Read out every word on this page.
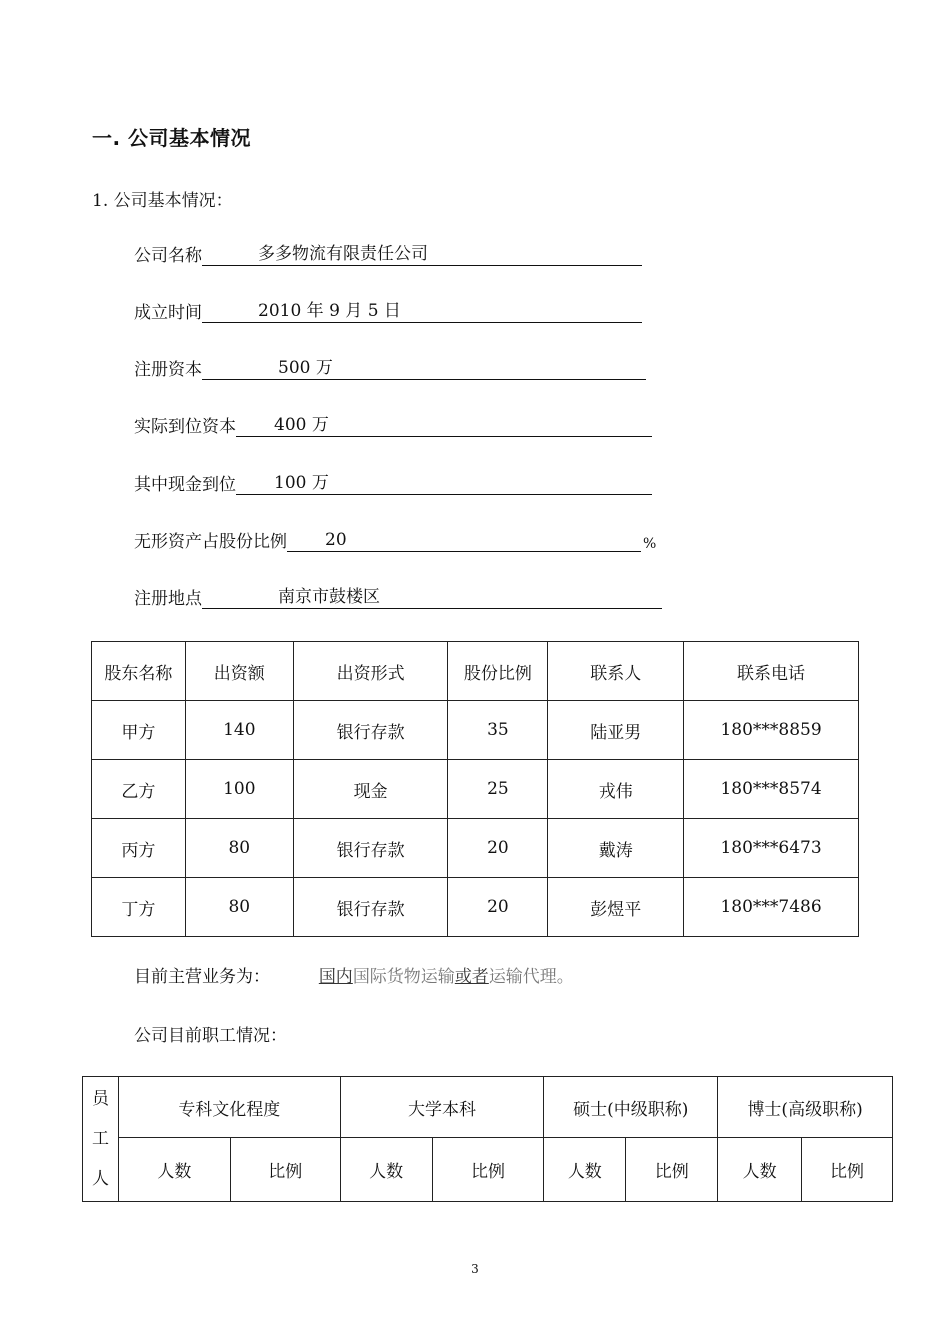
一. 公司基本情况
1. 公司基本情况：
公司名称	多多物流有限责任公司
成立时间	2010 年 9 月 5 日
注册资本	500 万
实际到位资本 400 万
其中现金到位 100 万
无形资产占股份比例 20	%
注册地点	南京市鼓楼区
股东名称	出资额	出资形式	股份比例	联系人	联系电话
甲方	140	银行存款	35	陆亚男	180***8859
乙方	100	现金	25	戎伟	180***8574
丙方	80	银行存款	20	戴涛	180***6473
丁方	80	银行存款	20	彭煜平	180***7486
目前主营业务为：	国内国际货物运输或者运输代理。
公司目前职工情况：
员
工
人	专科文化程度		大学本科		硕士(中级职称)		博士(高级职称)	
	人数	比例	人数	比例	人数	比例	人数	比例
3
